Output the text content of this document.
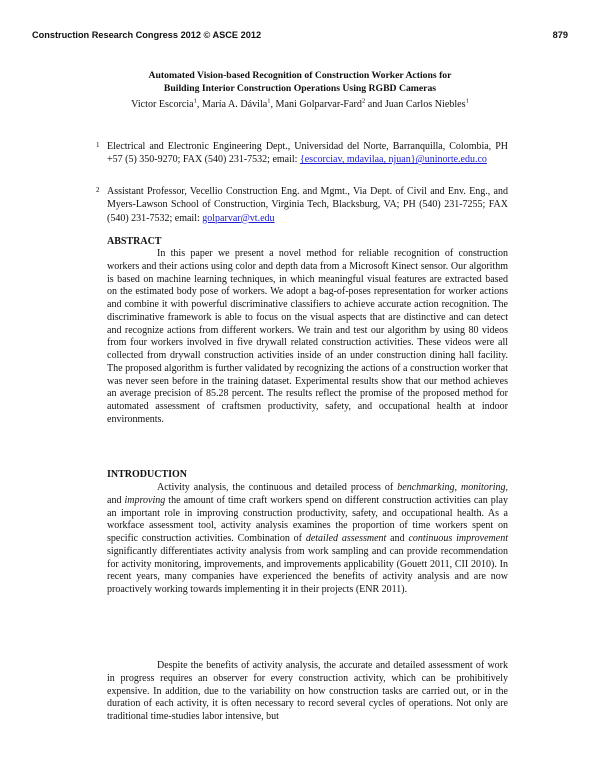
Construction Research Congress 2012 © ASCE 2012	879
Automated Vision-based Recognition of Construction Worker Actions for
Building Interior Construction Operations Using RGBD Cameras
Victor Escorcia$^1$, María A. Dávila$^1$, Mani Golparvar-Fard$^2$ and Juan Carlos Niebles$^1$
1 Electrical and Electronic Engineering Dept., Universidad del Norte, Barranquilla, Colombia, PH +57 (5) 350-9270; FAX (540) 231-7532; email: {escorciav, mdavilaa, njuan}@uninorte.edu.co
2 Assistant Professor, Vecellio Construction Eng. and Mgmt., Via Dept. of Civil and Env. Eng., and Myers-Lawson School of Construction, Virginia Tech, Blacksburg, VA; PH (540) 231-7255; FAX (540) 231-7532; email: golparvar@vt.edu
ABSTRACT
In this paper we present a novel method for reliable recognition of construction workers and their actions using color and depth data from a Microsoft Kinect sensor. Our algorithm is based on machine learning techniques, in which meaningful visual features are extracted based on the estimated body pose of workers. We adopt a bag-of-poses representation for worker actions and combine it with powerful discriminative classifiers to achieve accurate action recognition. The discriminative framework is able to focus on the visual aspects that are distinctive and can detect and recognize actions from different workers. We train and test our algorithm by using 80 videos from four workers involved in five drywall related construction activities. These videos were all collected from drywall construction activities inside of an under construction dining hall facility. The proposed algorithm is further validated by recognizing the actions of a construction worker that was never seen before in the training dataset. Experimental results show that our method achieves an average precision of 85.28 percent. The results reflect the promise of the proposed method for automated assessment of craftsmen productivity, safety, and occupational health at indoor environments.
INTRODUCTION
Activity analysis, the continuous and detailed process of benchmarking, monitoring, and improving the amount of time craft workers spend on different construction activities can play an important role in improving construction productivity, safety, and occupational health. As a workface assessment tool, activity analysis examines the proportion of time workers spent on specific construction activities. Combination of detailed assessment and continuous improvement significantly differentiates activity analysis from work sampling and can provide recommendation for activity monitoring, improvements, and improvements applicability (Gouett 2011, CII 2010). In recent years, many companies have experienced the benefits of activity analysis and are now proactively working towards implementing it in their projects (ENR 2011).
Despite the benefits of activity analysis, the accurate and detailed assessment of work in progress requires an observer for every construction activity, which can be prohibitively expensive. In addition, due to the variability on how construction tasks are carried out, or in the duration of each activity, it is often necessary to record several cycles of operations. Not only are traditional time-studies labor intensive, but
